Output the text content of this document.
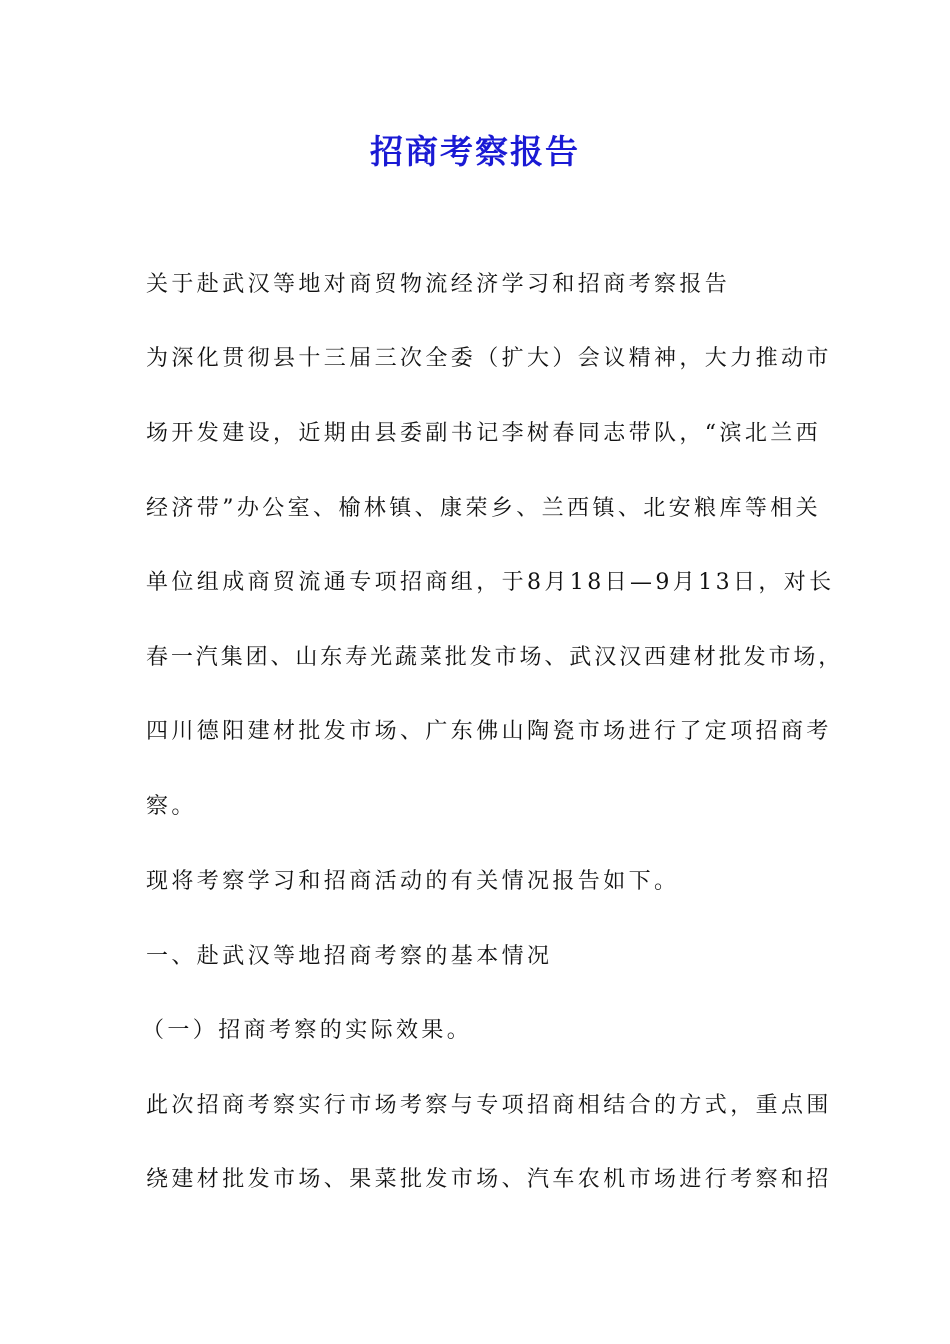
招商考察报告

关于赴武汉等地对商贸物流经济学习和招商考察报告

为深化贯彻县十三届三次全委（扩大）会议精神，大力推动市

场开发建设，近期由县委副书记李树春同志带队，“滨北兰西

经济带”办公室、榆林镇、康荣乡、兰西镇、北安粮库等相关

单位组成商贸流通专项招商组，于8月18日—9月13日，对长

春一汽集团、山东寿光蔬菜批发市场、武汉汉西建材批发市场，

四川德阳建材批发市场、广东佛山陶瓷市场进行了定项招商考

察。

现将考察学习和招商活动的有关情况报告如下。

一、赴武汉等地招商考察的基本情况

（一）招商考察的实际效果。

此次招商考察实行市场考察与专项招商相结合的方式，重点围

绕建材批发市场、果菜批发市场、汽车农机市场进行考察和招
